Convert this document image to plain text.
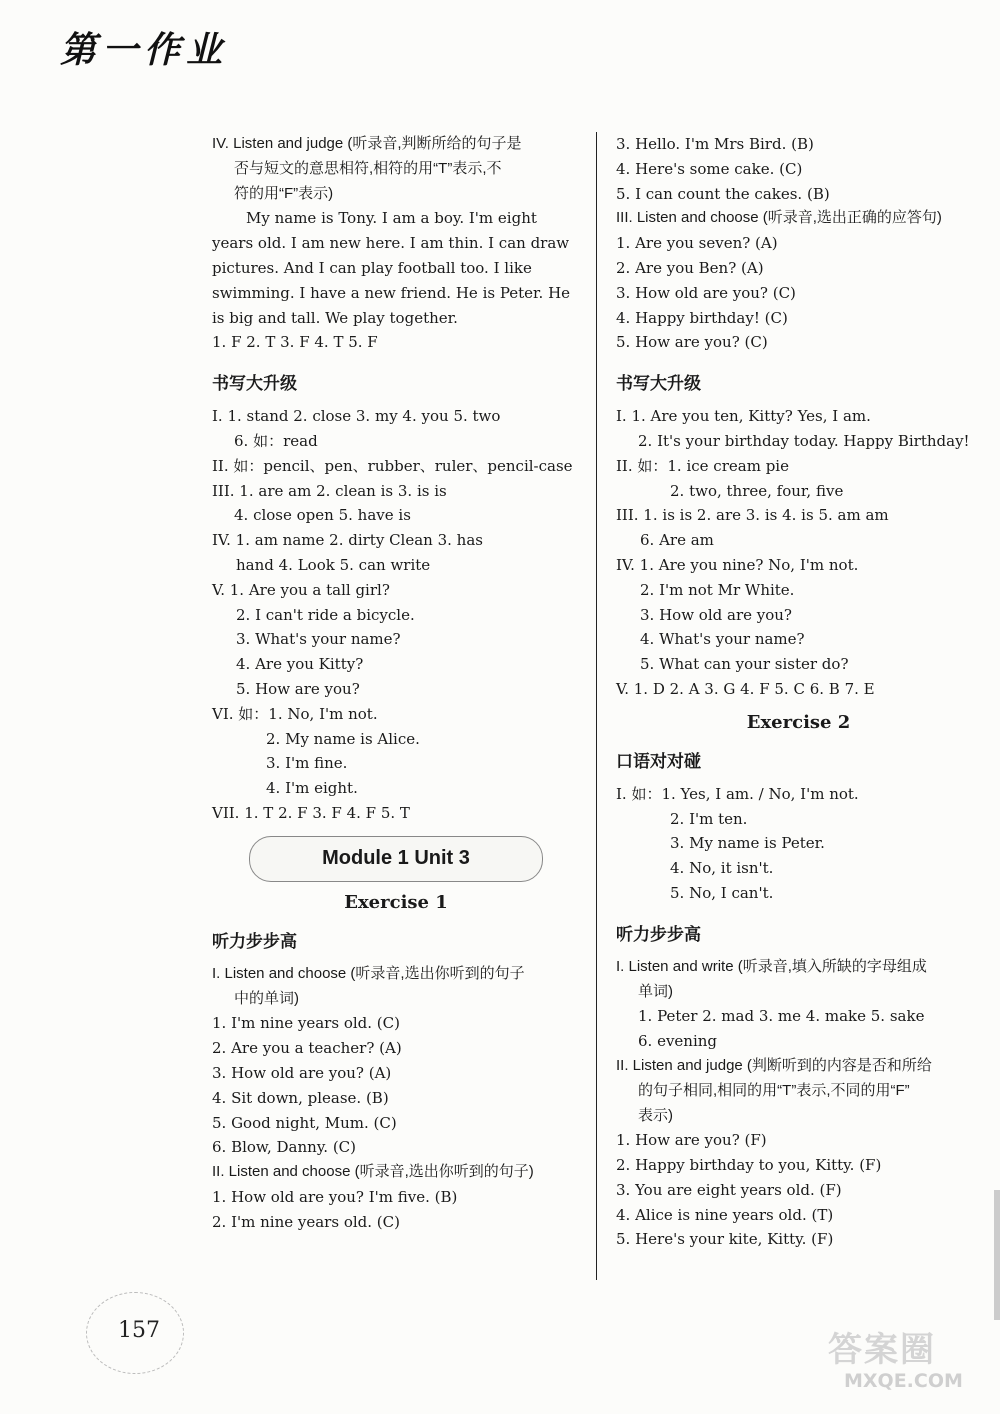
第一作业
IV. Listen and judge (听录音,判断所给的句子是
否与短文的意思相符,相符的用“T”表示,不
符的用“F”表示)

My name is Tony. I am a boy. I'm eight

years old. I am new here. I am thin. I can draw

pictures. And I can play football too. I like

swimming. I have a new friend. He is Peter. He

is big and tall. We play together.

1. F 2. T 3. F 4. T 5. F
书写大升级
I. 1. stand 2. close 3. my 4. you 5. two
6. 如：read
II. 如：pencil、pen、rubber、ruler、pencil-case
III. 1. are am 2. clean is 3. is is
4. close open 5. have is
IV. 1. am name 2. dirty Clean 3. has
hand 4. Look 5. can write
V. 1. Are you a tall girl?
2. I can't ride a bicycle.
3. What's your name?
4. Are you Kitty?
5. How are you?
VI. 如：1. No, I'm not.
2. My name is Alice.
3. I'm fine.
4. I'm eight.
VII. 1. T 2. F 3. F 4. F 5. T
Module 1 Unit 3
Exercise 1
听力步步高
I. Listen and choose (听录音,选出你听到的句子
中的单词)
1. I'm nine years old. (C)
2. Are you a teacher? (A)
3. How old are you? (A)
4. Sit down, please. (B)
5. Good night, Mum. (C)
6. Blow, Danny. (C)
II. Listen and choose (听录音,选出你听到的句子)
1. How old are you? I'm five. (B)
2. I'm nine years old. (C)
3. Hello. I'm Mrs Bird. (B)
4. Here's some cake. (C)
5. I can count the cakes. (B)
III. Listen and choose (听录音,选出正确的应答句)
1. Are you seven? (A)
2. Are you Ben? (A)
3. How old are you? (C)
4. Happy birthday! (C)
5. How are you? (C)
书写大升级
I. 1. Are you ten, Kitty? Yes, I am.
2. It's your birthday today. Happy Birthday!
II. 如：1. ice cream pie
2. two, three, four, five
III. 1. is is 2. are 3. is 4. is 5. am am
6. Are am
IV. 1. Are you nine? No, I'm not.
2. I'm not Mr White.
3. How old are you?
4. What's your name?
5. What can your sister do?
V. 1. D 2. A 3. G 4. F 5. C 6. B 7. E
Exercise 2
口语对对碰
I. 如：1. Yes, I am. / No, I'm not.
2. I'm ten.
3. My name is Peter.
4. No, it isn't.
5. No, I can't.
听力步步高
I. Listen and write (听录音,填入所缺的字母组成
单词)
1. Peter 2. mad 3. me 4. make 5. sake
6. evening
II. Listen and judge (判断听到的内容是否和所给
的句子相同,相同的用“T”表示,不同的用“F”
表示)
1. How are you? (F)
2. Happy birthday to you, Kitty. (F)
3. You are eight years old. (F)
4. Alice is nine years old. (T)
5. Here's your kite, Kitty. (F)
157	答案圈
MXQE.COM
